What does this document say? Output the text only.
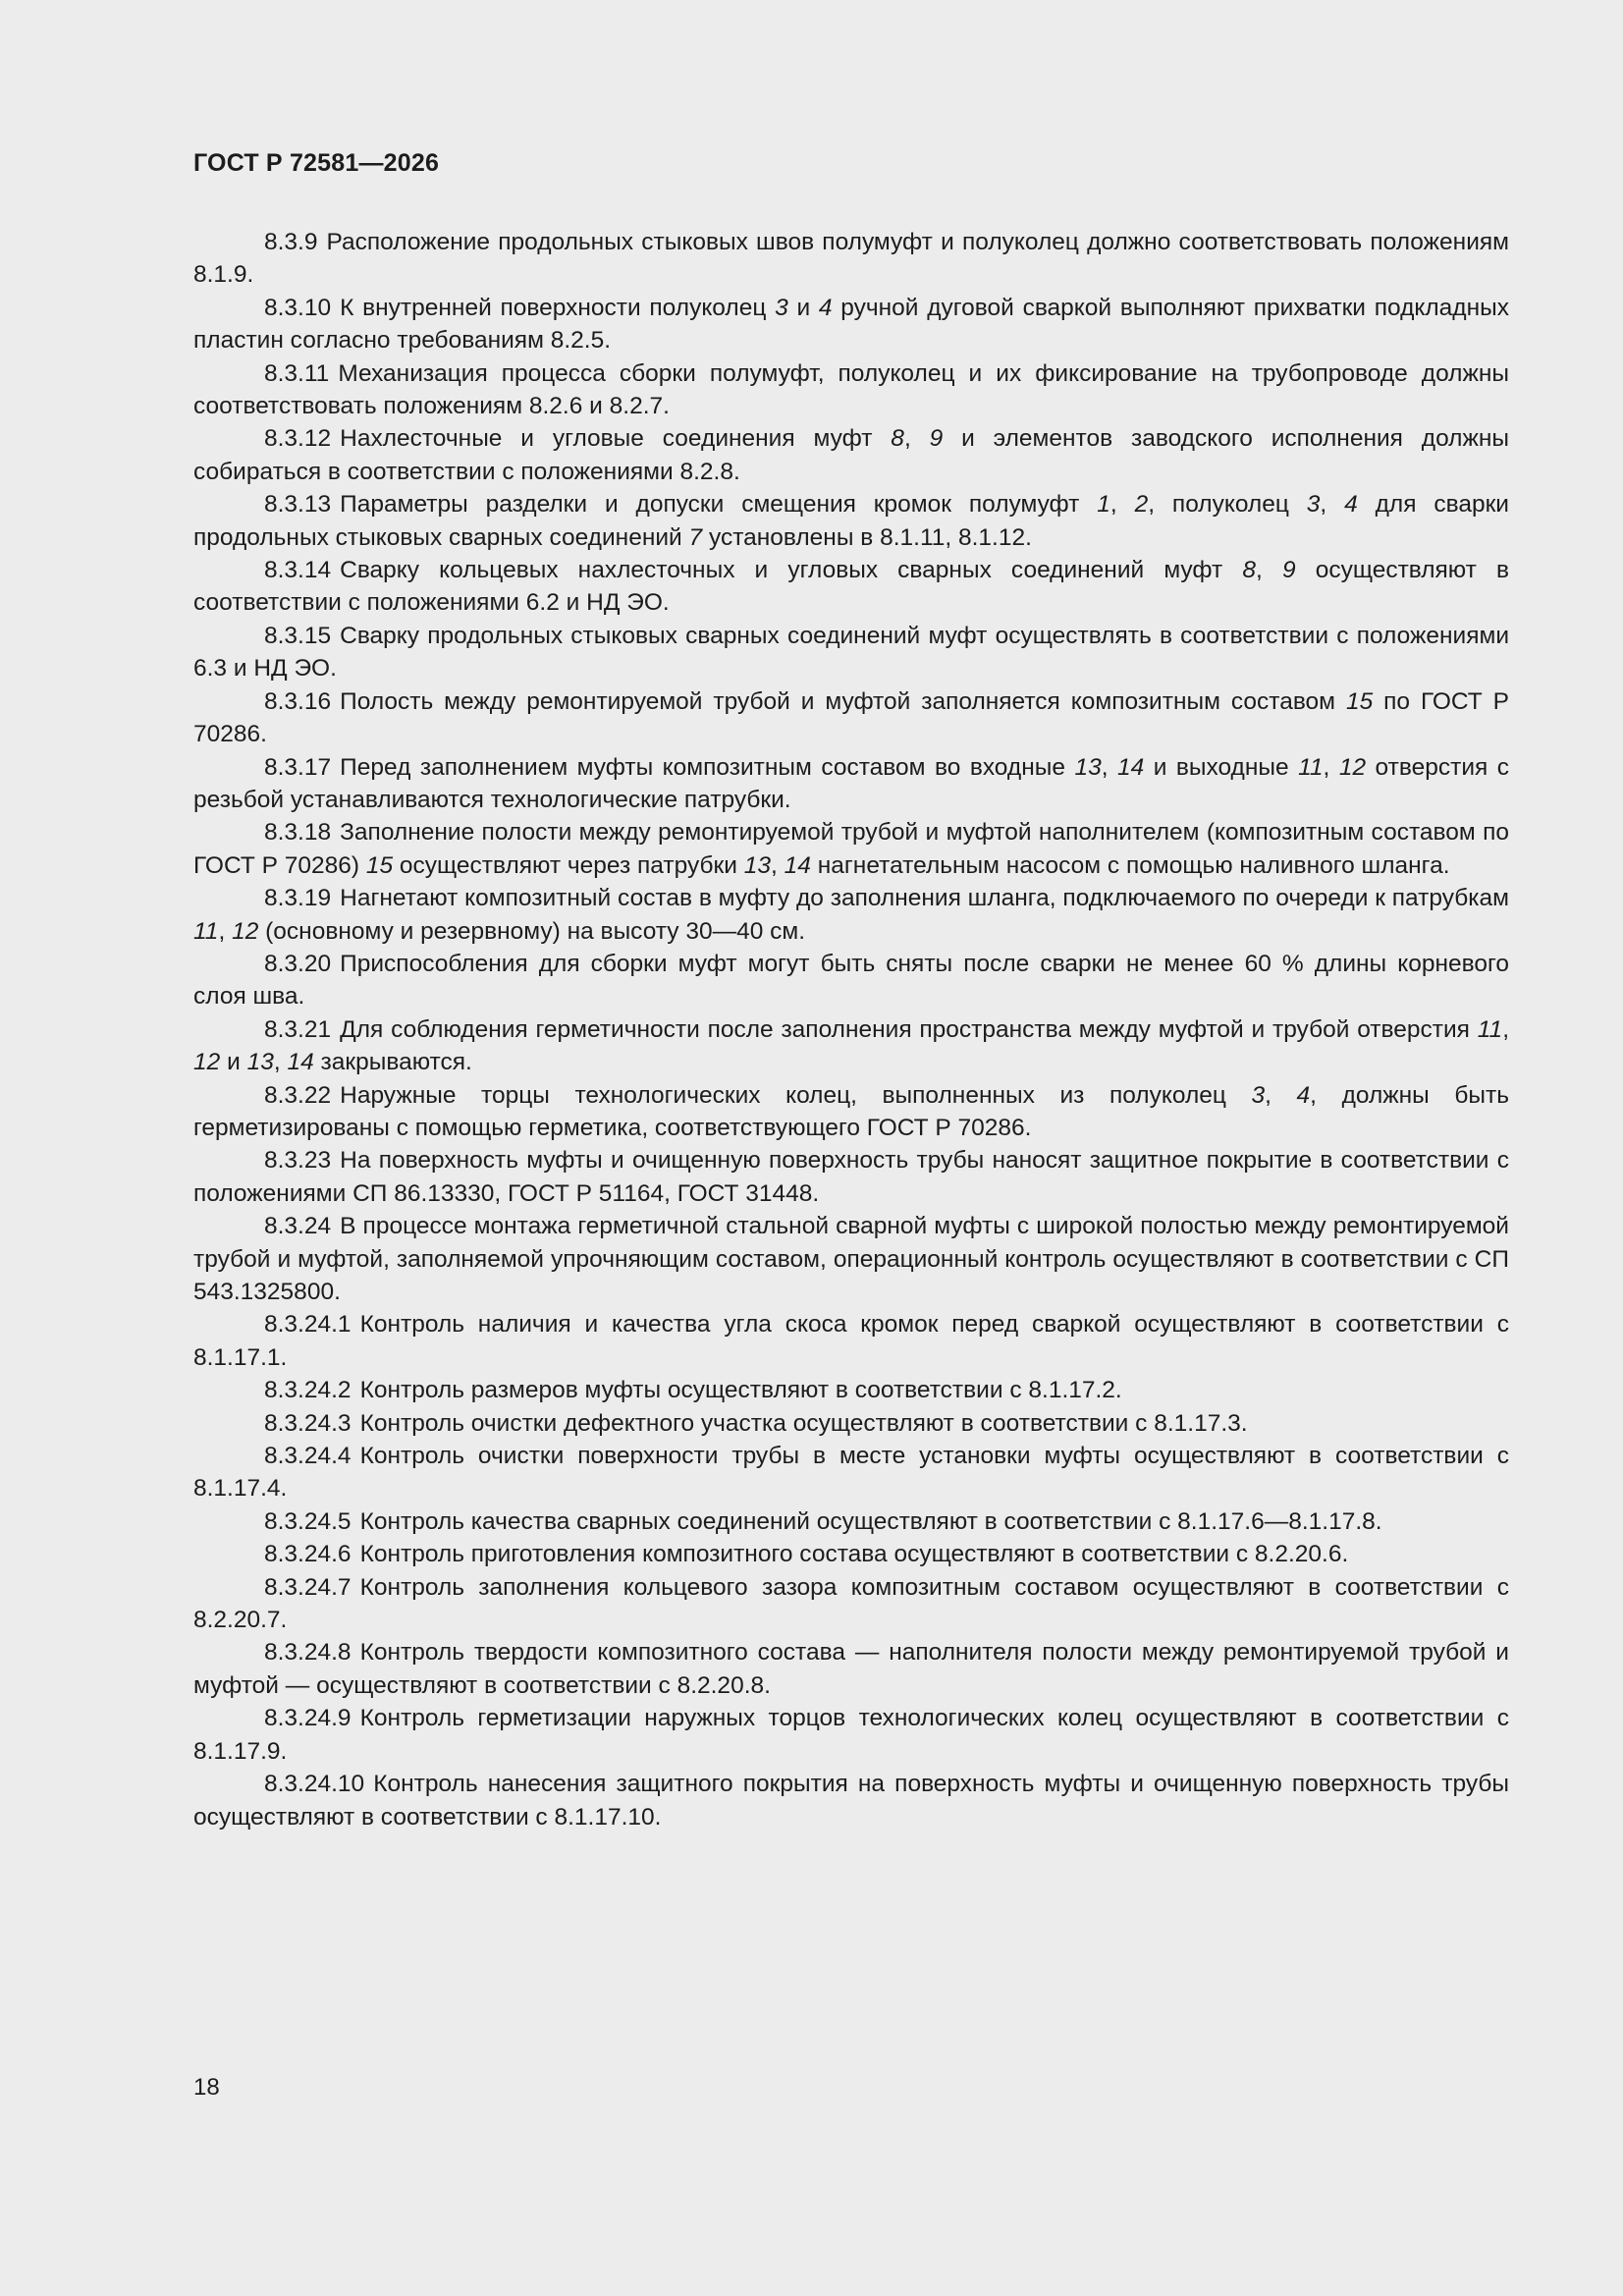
ГОСТ Р 72581—2026

8.3.9 Расположение продольных стыковых швов полумуфт и полуколец должно соответствовать положениям 8.1.9.

8.3.10 К внутренней поверхности полуколец 3 и 4 ручной дуговой сваркой выполняют прихватки подкладных пластин согласно требованиям 8.2.5.

8.3.11 Механизация процесса сборки полумуфт, полуколец и их фиксирование на трубопроводе должны соответствовать положениям 8.2.6 и 8.2.7.

8.3.12 Нахлесточные и угловые соединения муфт 8, 9 и элементов заводского исполнения должны собираться в соответствии с положениями 8.2.8.

8.3.13 Параметры разделки и допуски смещения кромок полумуфт 1, 2, полуколец 3, 4 для сварки продольных стыковых сварных соединений 7 установлены в 8.1.11, 8.1.12.

8.3.14 Сварку кольцевых нахлесточных и угловых сварных соединений муфт 8, 9 осуществляют в соответствии с положениями 6.2 и НД ЭО.

8.3.15 Сварку продольных стыковых сварных соединений муфт осуществлять в соответствии с положениями 6.3 и НД ЭО.

8.3.16 Полость между ремонтируемой трубой и муфтой заполняется композитным составом 15 по ГОСТ Р 70286.

8.3.17 Перед заполнением муфты композитным составом во входные 13, 14 и выходные 11, 12 отверстия с резьбой устанавливаются технологические патрубки.

8.3.18 Заполнение полости между ремонтируемой трубой и муфтой наполнителем (композитным составом по ГОСТ Р 70286) 15 осуществляют через патрубки 13, 14 нагнетательным насосом с помощью наливного шланга.

8.3.19 Нагнетают композитный состав в муфту до заполнения шланга, подключаемого по очереди к патрубкам 11, 12 (основному и резервному) на высоту 30—40 см.

8.3.20 Приспособления для сборки муфт могут быть сняты после сварки не менее 60 % длины корневого слоя шва.

8.3.21 Для соблюдения герметичности после заполнения пространства между муфтой и трубой отверстия 11, 12 и 13, 14 закрываются.

8.3.22 Наружные торцы технологических колец, выполненных из полуколец 3, 4, должны быть герметизированы с помощью герметика, соответствующего ГОСТ Р 70286.

8.3.23 На поверхность муфты и очищенную поверхность трубы наносят защитное покрытие в соответствии с положениями СП 86.13330, ГОСТ Р 51164, ГОСТ 31448.

8.3.24 В процессе монтажа герметичной стальной сварной муфты с широкой полостью между ремонтируемой трубой и муфтой, заполняемой упрочняющим составом, операционный контроль осуществляют в соответствии с СП 543.1325800.

8.3.24.1 Контроль наличия и качества угла скоса кромок перед сваркой осуществляют в соответствии с 8.1.17.1.

8.3.24.2 Контроль размеров муфты осуществляют в соответствии с 8.1.17.2.

8.3.24.3 Контроль очистки дефектного участка осуществляют в соответствии с 8.1.17.3.

8.3.24.4 Контроль очистки поверхности трубы в месте установки муфты осуществляют в соответствии с 8.1.17.4.

8.3.24.5 Контроль качества сварных соединений осуществляют в соответствии с 8.1.17.6—8.1.17.8.

8.3.24.6 Контроль приготовления композитного состава осуществляют в соответствии с 8.2.20.6.

8.3.24.7 Контроль заполнения кольцевого зазора композитным составом осуществляют в соответствии с 8.2.20.7.

8.3.24.8 Контроль твердости композитного состава — наполнителя полости между ремонтируемой трубой и муфтой — осуществляют в соответствии с 8.2.20.8.

8.3.24.9 Контроль герметизации наружных торцов технологических колец осуществляют в соответствии с 8.1.17.9.

8.3.24.10 Контроль нанесения защитного покрытия на поверхность муфты и очищенную поверхность трубы осуществляют в соответствии с 8.1.17.10.

18
